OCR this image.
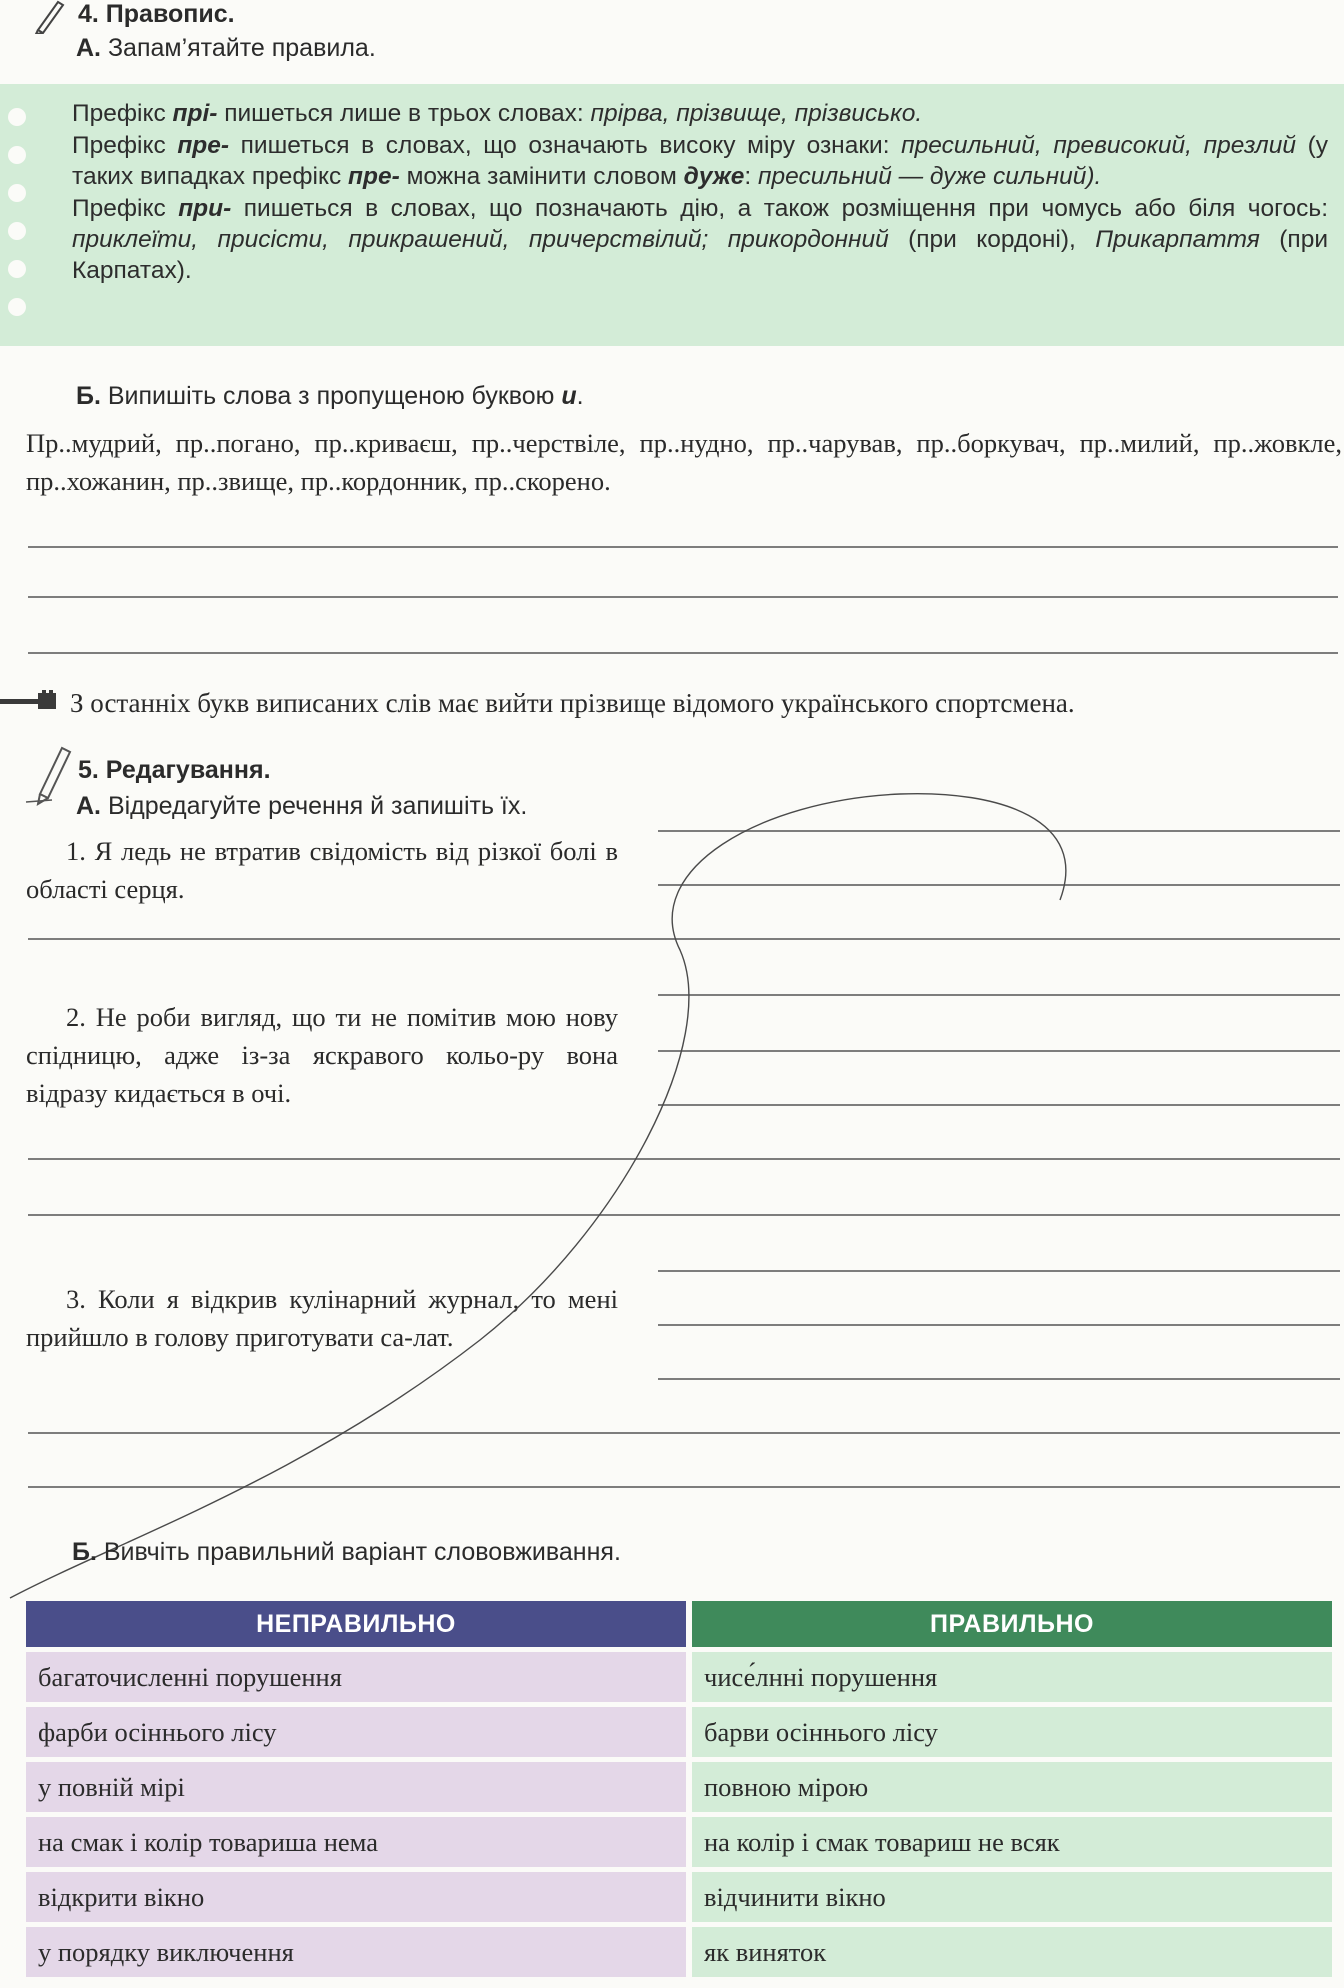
4. Правопис.
А. Запам’ятайте правила.

Префікс прі- пишеться лише в трьох словах: прірва, прізвище, прізвисько.

Префікс пре- пишеться в словах, що означають високу міру ознаки: пресильний, превисокий, презлий (у таких випадках префікс пре- можна замінити словом дуже: пресильний — дуже сильний).

Префікс при- пишеться в словах, що позначають дію, а також розміщення при чомусь або біля чогось: приклеїти, присісти, прикрашений, причерствілий; прикордонний (при кордоні), Прикарпаття (при Карпатах).

Б. Випишіть слова з пропущеною буквою и.
Пр..мудрий, пр..погано, пр..криваєш, пр..черствіле, пр..нудно, пр..чарував, пр..боркувач, пр..милий, пр..жовкле, пр..хожанин, пр..звище, пр..кордонник, пр..скорено.
З останніх букв виписаних слів має вийти прізвище відомого українського спортсмена.
5. Редагування.
А. Відредагуйте речення й запишіть їх.
1. Я ледь не втратив свідомість від різкої болі в області серця.
2. Не роби вигляд, що ти не помітив мою нову спідницю, адже із-за яскравого кольо-ру вона відразу кидається в очі.
3. Коли я відкрив кулінарний журнал, то мені прийшло в голову приготувати са-лат.
Б. Вивчіть правильний варіант слововживання.
НЕПРАВИЛЬНО	ПРАВИЛЬНО
багаточисленні порушення	чисе́лнні порушення
фарби осіннього лісу	барви осіннього лісу
у повній мірі	повною мірою
на смак і колір товариша нема	на колір і смак товариш не всяк
відкрити вікно	відчинити вікно
у порядку виключення	як виняток
